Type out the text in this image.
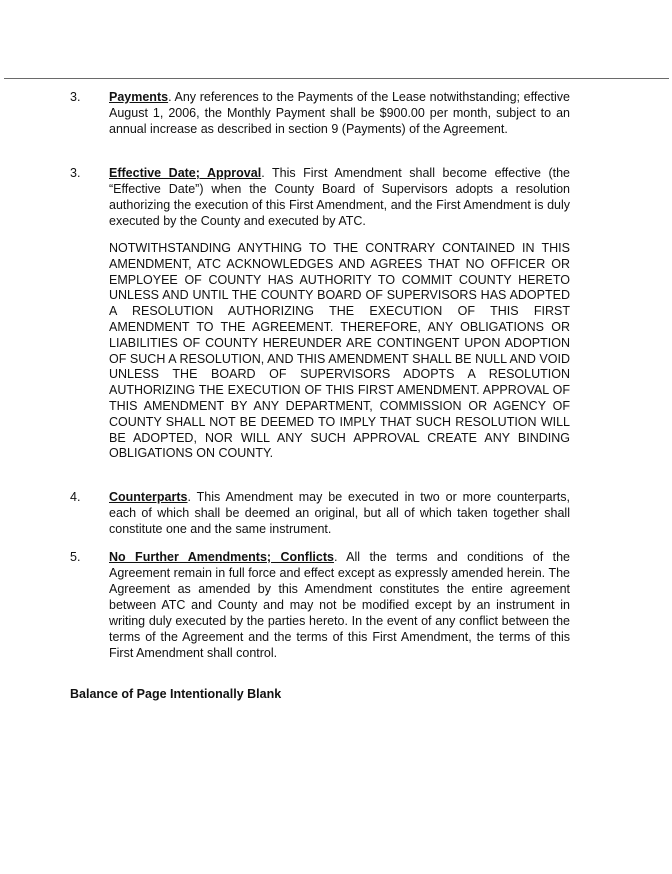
3. Payments. Any references to the Payments of the Lease notwithstanding; effective August 1, 2006, the Monthly Payment shall be $900.00 per month, subject to an annual increase as described in section 9 (Payments) of the Agreement.
3. Effective Date; Approval. This First Amendment shall become effective (the “Effective Date”) when the County Board of Supervisors adopts a resolution authorizing the execution of this First Amendment, and the First Amendment is duly executed by the County and executed by ATC.
NOTWITHSTANDING ANYTHING TO THE CONTRARY CONTAINED IN THIS AMENDMENT, ATC ACKNOWLEDGES AND AGREES THAT NO OFFICER OR EMPLOYEE OF COUNTY HAS AUTHORITY TO COMMIT COUNTY HERETO UNLESS AND UNTIL THE COUNTY BOARD OF SUPERVISORS HAS ADOPTED A RESOLUTION AUTHORIZING THE EXECUTION OF THIS FIRST AMENDMENT TO THE AGREEMENT. THEREFORE, ANY OBLIGATIONS OR LIABILITIES OF COUNTY HEREUNDER ARE CONTINGENT UPON ADOPTION OF SUCH A RESOLUTION, AND THIS AMENDMENT SHALL BE NULL AND VOID UNLESS THE BOARD OF SUPERVISORS ADOPTS A RESOLUTION AUTHORIZING THE EXECUTION OF THIS FIRST AMENDMENT. APPROVAL OF THIS AMENDMENT BY ANY DEPARTMENT, COMMISSION OR AGENCY OF COUNTY SHALL NOT BE DEEMED TO IMPLY THAT SUCH RESOLUTION WILL BE ADOPTED, NOR WILL ANY SUCH APPROVAL CREATE ANY BINDING OBLIGATIONS ON COUNTY.
4. Counterparts. This Amendment may be executed in two or more counterparts, each of which shall be deemed an original, but all of which taken together shall constitute one and the same instrument.
5. No Further Amendments; Conflicts. All the terms and conditions of the Agreement remain in full force and effect except as expressly amended herein. The Agreement as amended by this Amendment constitutes the entire agreement between ATC and County and may not be modified except by an instrument in writing duly executed by the parties hereto. In the event of any conflict between the terms of the Agreement and the terms of this First Amendment, the terms of this First Amendment shall control.
Balance of Page Intentionally Blank
